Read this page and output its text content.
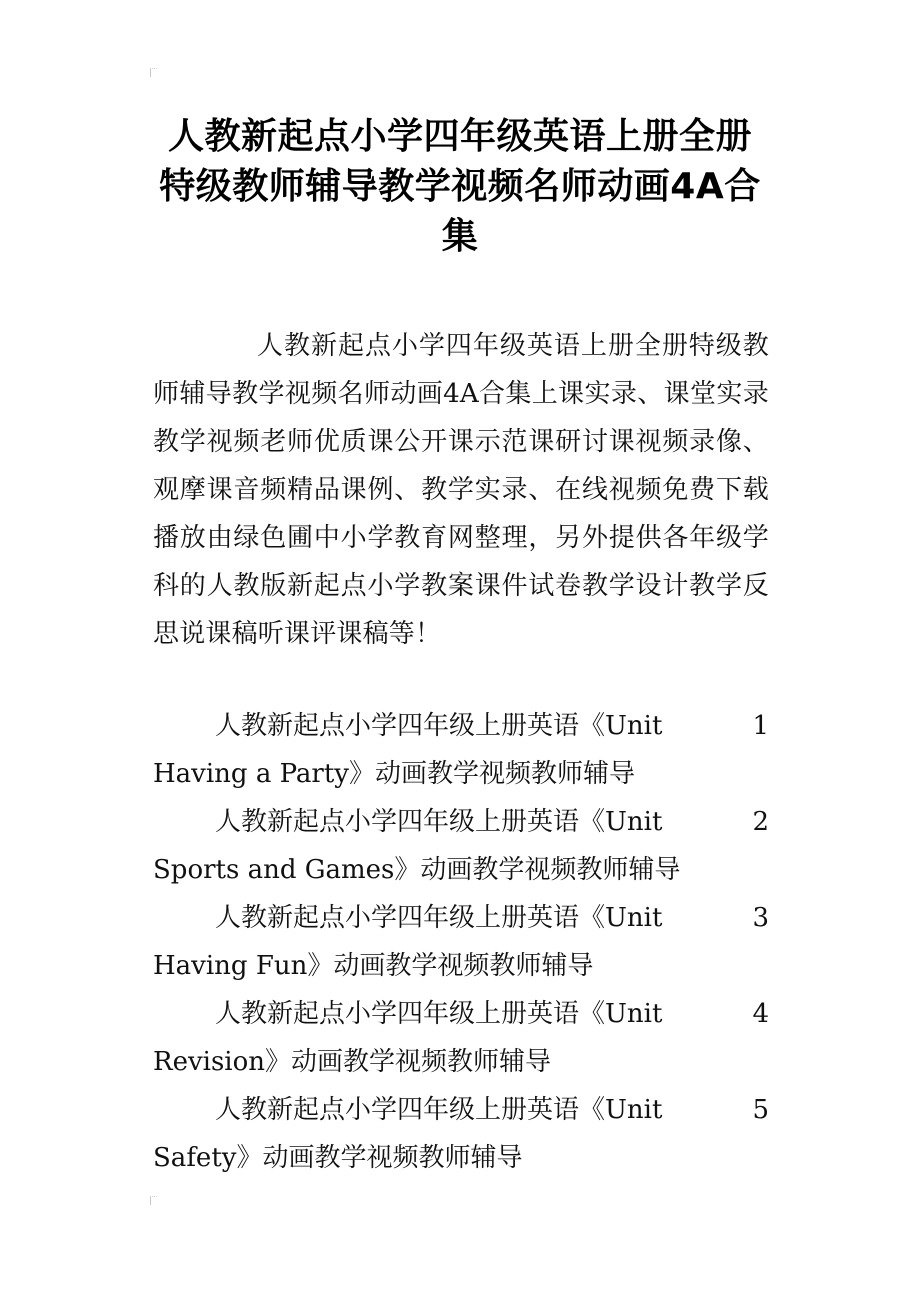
人教新起点小学四年级英语上册全册
特级教师辅导教学视频名师动画4A合
集

人教新起点小学四年级英语上册全册特级教师辅导教学视频名师动画4A合集上课实录、课堂实录教学视频老师优质课公开课示范课研讨课视频录像、观摩课音频精品课例、教学实录、在线视频免费下载播放由绿色圃中小学教育网整理，另外提供各年级学科的人教版新起点小学教案课件试卷教学设计教学反思说课稿听课评课稿等！

人教新起点小学四年级上册英语《Unit	1
Having a Party》动画教学视频教师辅导
人教新起点小学四年级上册英语《Unit	2
Sports and Games》动画教学视频教师辅导
人教新起点小学四年级上册英语《Unit	3
Having Fun》动画教学视频教师辅导
人教新起点小学四年级上册英语《Unit	4
Revision》动画教学视频教师辅导
人教新起点小学四年级上册英语《Unit	5
Safety》动画教学视频教师辅导
